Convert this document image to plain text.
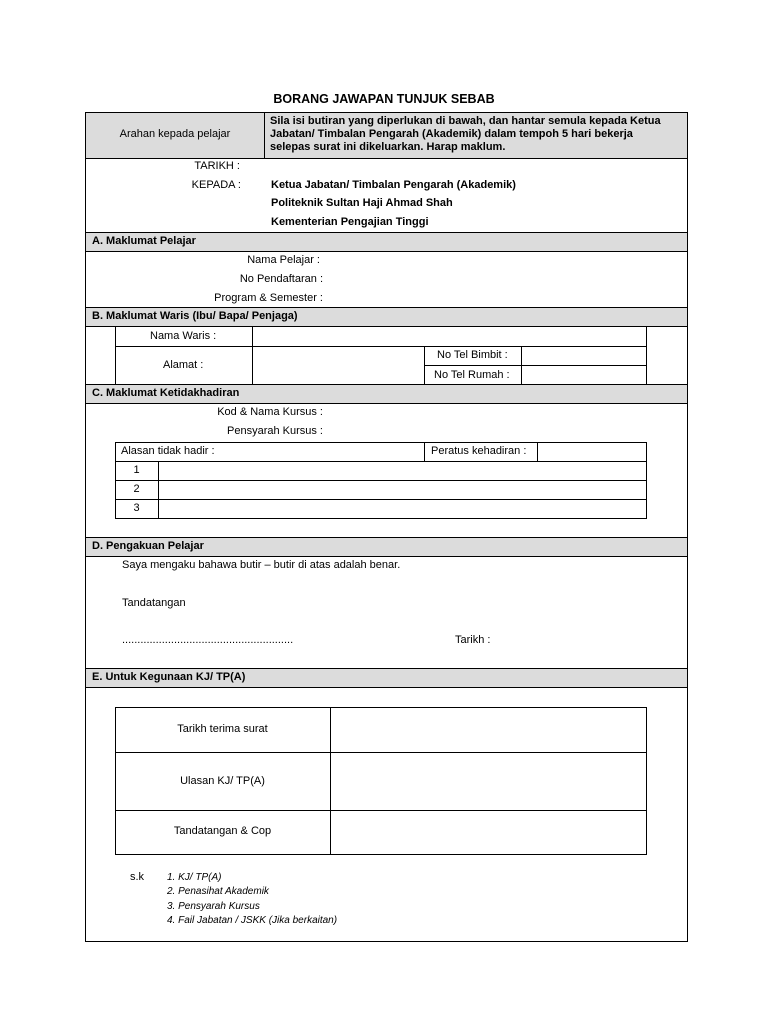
BORANG JAWAPAN TUNJUK SEBAB
Arahan kepada pelajar
Sila isi butiran yang diperlukan di bawah, dan hantar semula kepada Ketua
Jabatan/ Timbalan Pengarah (Akademik) dalam tempoh 5 hari bekerja
selepas surat ini dikeluarkan. Harap maklum.
TARIKH :
KEPADA :	Ketua Jabatan/ Timbalan Pengarah (Akademik)
Politeknik Sultan Haji Ahmad Shah
Kementerian Pengajian Tinggi
A. Maklumat Pelajar
Nama Pelajar :
No Pendaftaran :
Program & Semester :
B. Maklumat Waris (Ibu/ Bapa/ Penjaga)
Nama Waris :
Alamat :
No Tel Bimbit :
No Tel Rumah :
C. Maklumat Ketidakhadiran
Kod & Nama Kursus :
Pensyarah Kursus :
Alasan tidak hadir :	Peratus kehadiran :
1
2
3
D. Pengakuan Pelajar
Saya mengaku bahawa butir – butir di atas adalah benar.
Tandatangan
........................................................	Tarikh :
E. Untuk Kegunaan KJ/ TP(A)
Tarikh terima surat
Ulasan KJ/ TP(A)
Tandatangan & Cop
s.k 1. KJ/ TP(A)
2. Penasihat Akademik
3. Pensyarah Kursus
4. Fail Jabatan / JSKK (Jika berkaitan)
